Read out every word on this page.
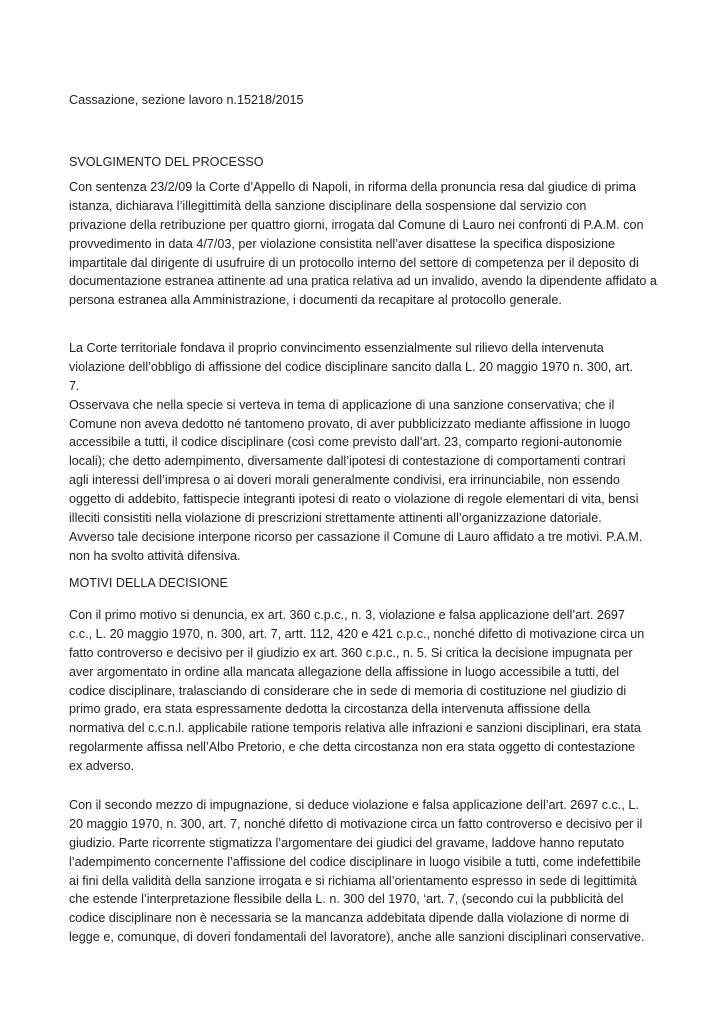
Cassazione, sezione lavoro n.15218/2015
SVOLGIMENTO DEL PROCESSO
Con sentenza 23/2/09 la Corte d’Appello di Napoli, in riforma della pronuncia resa dal giudice di prima
istanza, dichiarava l’illegittimità della sanzione disciplinare della sospensione dal servizio con
privazione della retribuzione per quattro giorni, irrogata dal Comune di Lauro nei confronti di P.A.M. con
provvedimento in data 4/7/03, per violazione consistita nell’aver disattese la specifica disposizione
impartitale dal dirigente di usufruire di un protocollo interno del settore di competenza per il deposito di
documentazione estranea attinente ad una pratica relativa ad un invalido, avendo la dipendente affidato a
persona estranea alla Amministrazione, i documenti da recapitare al protocollo generale.
La Corte territoriale fondava il proprio convincimento essenzialmente sul rilievo della intervenuta
violazione dell’obbligo di affissione del codice disciplinare sancito dalla L. 20 maggio 1970 n. 300, art.
7.
Osservava che nella specie si verteva in tema di applicazione di una sanzione conservativa; che il
Comune non aveva dedotto né tantomeno provato, di aver pubblicizzato mediante affissione in luogo
accessibile a tutti, il codice disciplinare (così come previsto dall’art. 23, comparto regioni-autonomie
locali); che detto adempimento, diversamente dall’ipotesi di contestazione di comportamenti contrari
agli interessi dell’impresa o ai doveri morali generalmente condivisi, era irrinunciabile, non essendo
oggetto di addebito, fattispecie integranti ipotesi di reato o violazione di regole elementari di vita, bensì
illeciti consistiti nella violazione di prescrizioni strettamente attinenti all’organizzazione datoriale.
Avverso tale decisione interpone ricorso per cassazione il Comune di Lauro affidato a tre motivi. P.A.M.
non ha svolto attività difensiva.
MOTIVI DELLA DECISIONE
Con il primo motivo si denuncia, ex art. 360 c.p.c., n. 3, violazione e falsa applicazione dell’art. 2697
c.c., L. 20 maggio 1970, n. 300, art. 7, artt. 112, 420 e 421 c.p.c., nonché difetto di motivazione circa un
fatto controverso e decisivo per il giudizio ex art. 360 c.p.c., n. 5. Si critica la decisione impugnata per
aver argomentato in ordine alla mancata allegazione della affissione in luogo accessibile a tutti, del
codice disciplinare, tralasciando di considerare che in sede di memoria di costituzione nel giudizio di
primo grado, era stata espressamente dedotta la circostanza della intervenuta affissione della
normativa del c.c.n.l. applicabile ratione temporis relativa alle infrazioni e sanzioni disciplinari, era stata
regolarmente affissa nell’Albo Pretorio, e che detta circostanza non era stata oggetto di contestazione
ex adverso.
Con il secondo mezzo di impugnazione, si deduce violazione e falsa applicazione dell’art. 2697 c.c., L.
20 maggio 1970, n. 300, art. 7, nonché difetto di motivazione circa un fatto controverso e decisivo per il
giudizio. Parte ricorrente stigmatizza l’argomentare dei giudici del gravame, laddove hanno reputato
l’adempimento concernente l’affissione del codice disciplinare in luogo visibile a tutti, come indefettibile
ai fini della validità della sanzione irrogata e si richiama all’orientamento espresso in sede di legittimità
che estende l’interpretazione flessibile della L. n. 300 del 1970, ‘art. 7, (secondo cui la pubblicità del
codice disciplinare non è necessaria se la mancanza addebitata dipende dalla violazione di norme di
legge e, comunque, di doveri fondamentali del lavoratore), anche alle sanzioni disciplinari conservative.
